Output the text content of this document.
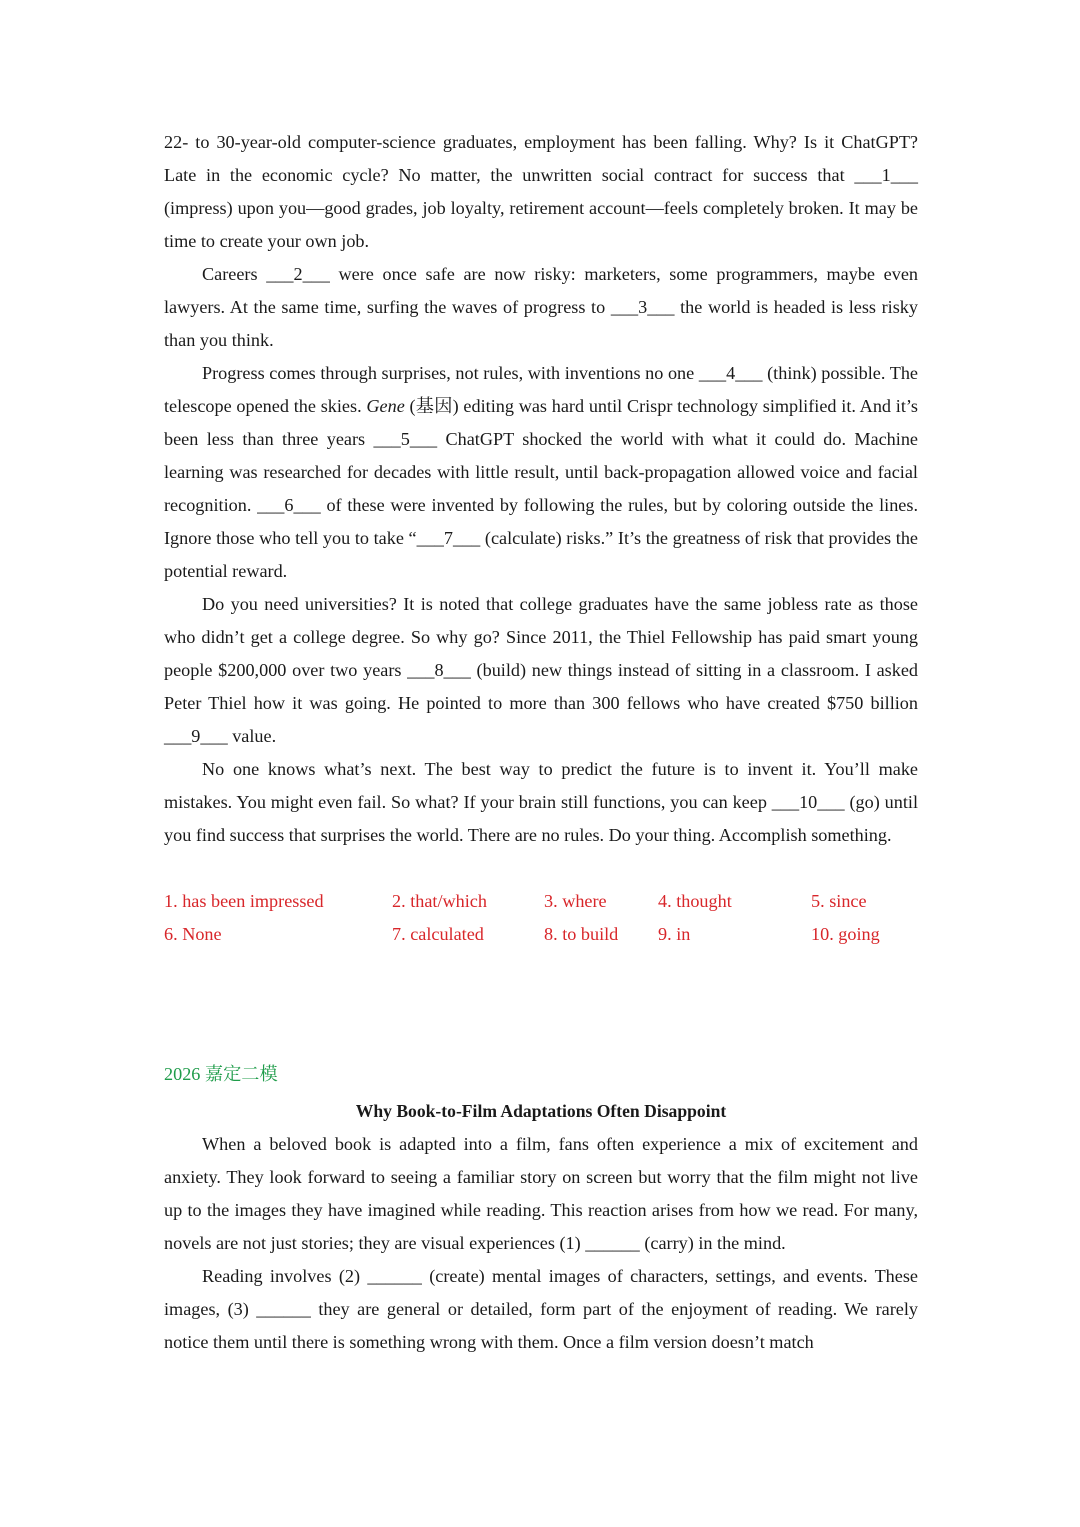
22- to 30-year-old computer-science graduates, employment has been falling. Why? Is it ChatGPT? Late in the economic cycle? No matter, the unwritten social contract for success that ___1___ (impress) upon you—good grades, job loyalty, retirement account—feels completely broken. It may be time to create your own job.

Careers ___2___ were once safe are now risky: marketers, some programmers, maybe even lawyers. At the same time, surfing the waves of progress to ___3___ the world is headed is less risky than you think.

Progress comes through surprises, not rules, with inventions no one ___4___ (think) possible. The telescope opened the skies. Gene (基因) editing was hard until Crispr technology simplified it. And it’s been less than three years ___5___ ChatGPT shocked the world with what it could do. Machine learning was researched for decades with little result, until back-propagation allowed voice and facial recognition. ___6___ of these were invented by following the rules, but by coloring outside the lines. Ignore those who tell you to take “___7___ (calculate) risks.” It’s the greatness of risk that provides the potential reward.

Do you need universities? It is noted that college graduates have the same jobless rate as those who didn’t get a college degree. So why go? Since 2011, the Thiel Fellowship has paid smart young people $200,000 over two years ___8___ (build) new things instead of sitting in a classroom. I asked Peter Thiel how it was going. He pointed to more than 300 fellows who have created $750 billion ___9___ value.

No one knows what’s next. The best way to predict the future is to invent it. You’ll make mistakes. You might even fail. So what? If your brain still functions, you can keep ___10___ (go) until you find success that surprises the world. There are no rules. Do your thing. Accomplish something.

1. has been impressed	2. that/which	3. where	4. thought	5. since
6. None	7. calculated	8. to build 9. in	10. going
2026 嘉定二模
Why Book-to-Film Adaptations Often Disappoint

When a beloved book is adapted into a film, fans often experience a mix of excitement and anxiety. They look forward to seeing a familiar story on screen but worry that the film might not live up to the images they have imagined while reading. This reaction arises from how we read. For many, novels are not just stories; they are visual experiences (1) ______ (carry) in the mind.

Reading involves (2) ______ (create) mental images of characters, settings, and events. These images, (3) ______ they are general or detailed, form part of the enjoyment of reading. We rarely notice them until there is something wrong with them. Once a film version doesn’t match
